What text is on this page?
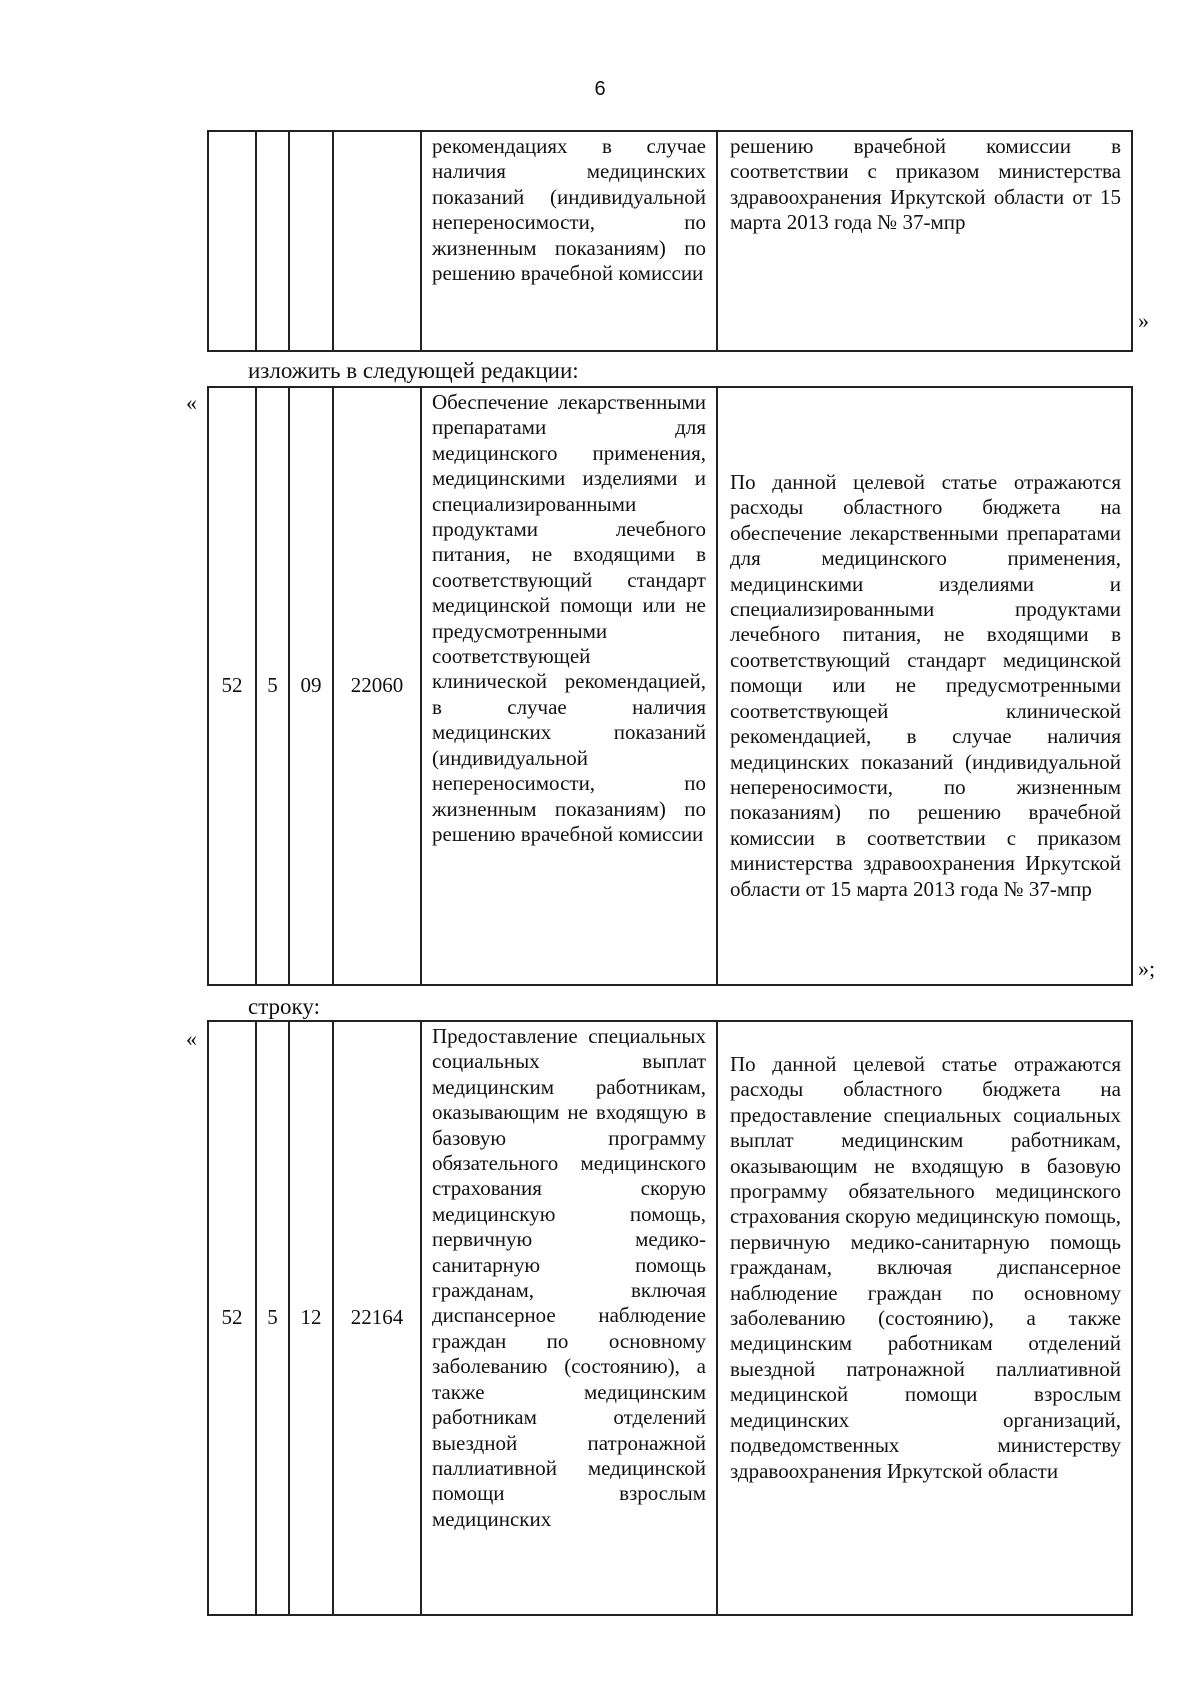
6
				рекомендациях в случае наличия медицинских показаний (индивидуальной непереносимости, по жизненным показаниям) по решению врачебной комиссии	решению врачебной комиссии в соответствии с приказом министерства здравоохранения Иркутской области от 15 марта 2013 года № 37-мпр
»
изложить в следующей редакции:
«
52	5	09	22060	Обеспечение лекарственными препаратами для медицинского применения, медицинскими изделиями и специализированными продуктами лечебного питания, не входящими в соответствующий стандарт медицинской помощи или не предусмотренными соответствующей клинической рекомендацией, в случае наличия медицинских показаний (индивидуальной непереносимости, по жизненным показаниям) по решению врачебной комиссии	По данной целевой статье отражаются расходы областного бюджета на обеспечение лекарственными препаратами для медицинского применения, медицинскими изделиями и специализированными продуктами лечебного питания, не входящими в соответствующий стандарт медицинской помощи или не предусмотренными соответствующей клинической рекомендацией, в случае наличия медицинских показаний (индивидуальной непереносимости, по жизненным показаниям) по решению врачебной комиссии в соответствии с приказом министерства здравоохранения Иркутской области от 15 марта 2013 года № 37-мпр
»;
строку:
«
52	5	12	22164	Предоставление специальных социальных выплат медицинским работникам, оказывающим не входящую в базовую программу обязательного медицинского страхования скорую медицинскую помощь, первичную медико-санитарную помощь гражданам, включая диспансерное наблюдение граждан по основному заболеванию (состоянию), а также медицинским работникам отделений выездной патронажной паллиативной медицинской помощи взрослым медицинских	По данной целевой статье отражаются расходы областного бюджета на предоставление специальных социальных выплат медицинским работникам, оказывающим не входящую в базовую программу обязательного медицинского страхования скорую медицинскую помощь, первичную медико-санитарную помощь гражданам, включая диспансерное наблюдение граждан по основному заболеванию (состоянию), а также медицинским работникам отделений выездной патронажной паллиативной медицинской помощи взрослым медицинских организаций, подведомственных министерству здравоохранения Иркутской области
